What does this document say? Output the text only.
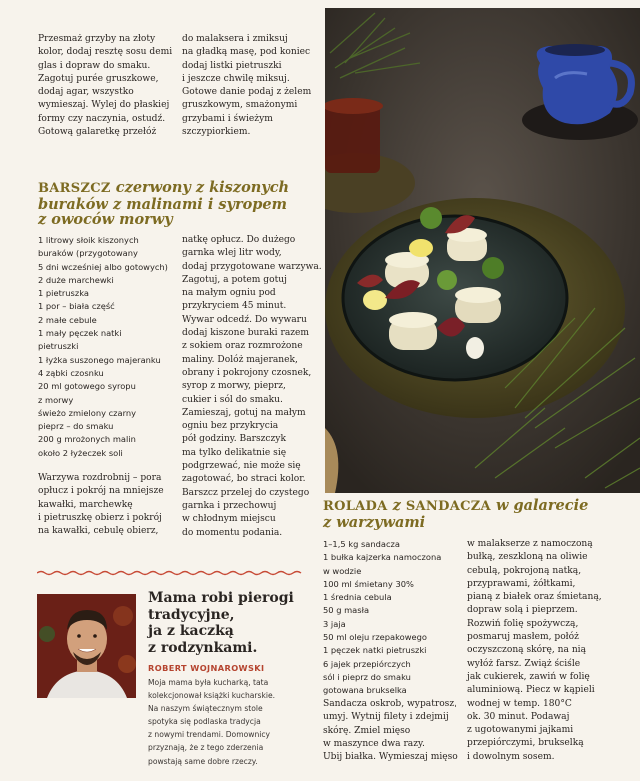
Przesmaż grzyby na złoty
kolor, dodaj resztę sosu demi
glas i dopraw do smaku.
Zagotuj purée gruszkowe,
dodaj agar, wszystko
wymieszaj. Wylej do płaskiej
formy czy naczynia, ostudź.
Gotową galaretkę przełóż

do malaksera i zmiksuj
na gładką masę, pod koniec
dodaj listki pietruszki
i jeszcze chwilę miksuj.
Gotowe danie podaj z żelem
gruszkowym, smażonymi
grzybami i świeżym
szczypiorkiem.

BARSZCZ czerwony z kiszonych

buraków z malinami i syropem

z owoców morwy

1 litrowy słoik kiszonych
buraków (przygotowany
5 dni wcześniej albo gotowych)
2 duże marchewki
1 pietruszka
1 por – biała część
2 małe cebule
1 mały pęczek natki
pietruszki
1 łyżka suszonego majeranku
4 ząbki czosnku
20 ml gotowego syropu
z morwy
świeżo zmielony czarny
pieprz – do smaku
200 g mrożonych malin
około 2 łyżeczek soli

Warzywa rozdrobnij – pora
opłucz i pokrój na mniejsze
kawałki, marchewkę
i pietruszkę obierz i pokrój
na kawałki, cebulę obierz,

natkę opłucz. Do dużego
garnka wlej litr wody,
dodaj przygotowane warzywa.
Zagotuj, a potem gotuj
na małym ogniu pod
przykryciem 45 minut.
Wywar odcedź. Do wywaru
dodaj kiszone buraki razem
z sokiem oraz rozmrożone
maliny. Dolóż majeranek,
obrany i pokrojony czosnek,
syrop z morwy, pieprz,
cukier i sól do smaku.
Zamieszaj, gotuj na małym
ogniu bez przykrycia
pół godziny. Barszczyk
ma tylko delikatnie się
podgrzewać, nie może się
zagotować, bo straci kolor.
Barszcz przelej do czystego
garnka i przechowuj
w chłodnym miejscu
do momentu podania.

Mama robi pierogi
tradycyjne,
ja z kaczką
z rodzynkami.

ROBERT WOJNAROWSKI

Moja mama była kucharką, tata
kolekcjonował książki kucharskie.
Na naszym świątecznym stole
spotyka się podlaska tradycja
z nowymi trendami. Domownicy
przyznają, że z tego zderzenia
powstają same dobre rzeczy.

ROLADA z SANDACZA w galarecie

z warzywami

1–1,5 kg sandacza
1 bułka kajzerka namoczona
w wodzie
100 ml śmietany 30%
1 średnia cebula
50 g masła
3 jaja
50 ml oleju rzepakowego
1 pęczek natki pietruszki
6 jajek przepiórczych
sól i pieprz do smaku
gotowana brukselka

Sandacza oskrob, wypatroszˌ
umyj. Wytnij filety i zdejmij
skórę. Zmiel mięso
w maszynce dwa razy.
Ubij białka. Wymieszaj mięso

w malakserze z namoczoną
bułką, zeszkloną na oliwie
cebulą, pokrojoną natką,
przyprawami, żółtkami,
pianą z białek oraz śmietaną,
dopraw solą i pieprzem.
Rozwiń folię spożywczą,
posmaruj masłem, połóż
oczyszczoną skórę, na nią
wyłóż farsz. Zwiąż ściśle
jak cukierek, zawiń w folię
aluminiową. Piecz w kąpieli
wodnej w temp. 180°C
ok. 30 minut. Podawaj
z ugotowanymi jajkami
przepiórczymi, brukselką
i dowolnym sosem.
